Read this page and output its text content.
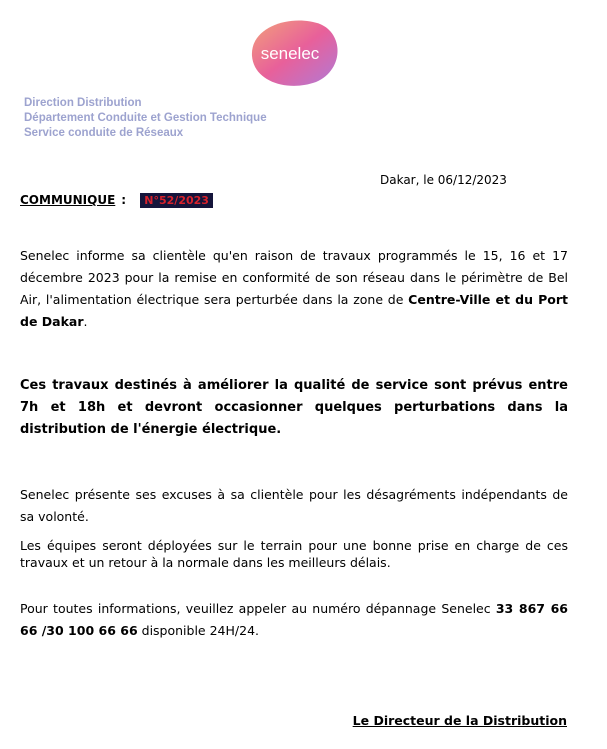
senelec
Direction Distribution
Département Conduite et Gestion Technique
Service conduite de Réseaux
Dakar, le 06/12/2023
COMMUNIQUE : N°52/2023
Senelec informe sa clientèle qu'en raison de travaux programmés le 15, 16 et 17 décembre 2023 pour la remise en conformité de son réseau dans le périmètre de Bel Air, l'alimentation électrique sera perturbée dans la zone de Centre-Ville et du Port de Dakar.
Ces travaux destinés à améliorer la qualité de service sont prévus entre 7h et 18h et devront occasionner quelques perturbations dans la distribution de l'énergie électrique.
Senelec présente ses excuses à sa clientèle pour les désagréments indépendants de sa volonté.
Les équipes seront déployées sur le terrain pour une bonne prise en charge de ces travaux et un retour à la normale dans les meilleurs délais.
Pour toutes informations, veuillez appeler au numéro dépannage Senelec 33 867 66 66 /30 100 66 66 disponible 24H/24.
Le Directeur de la Distribution
